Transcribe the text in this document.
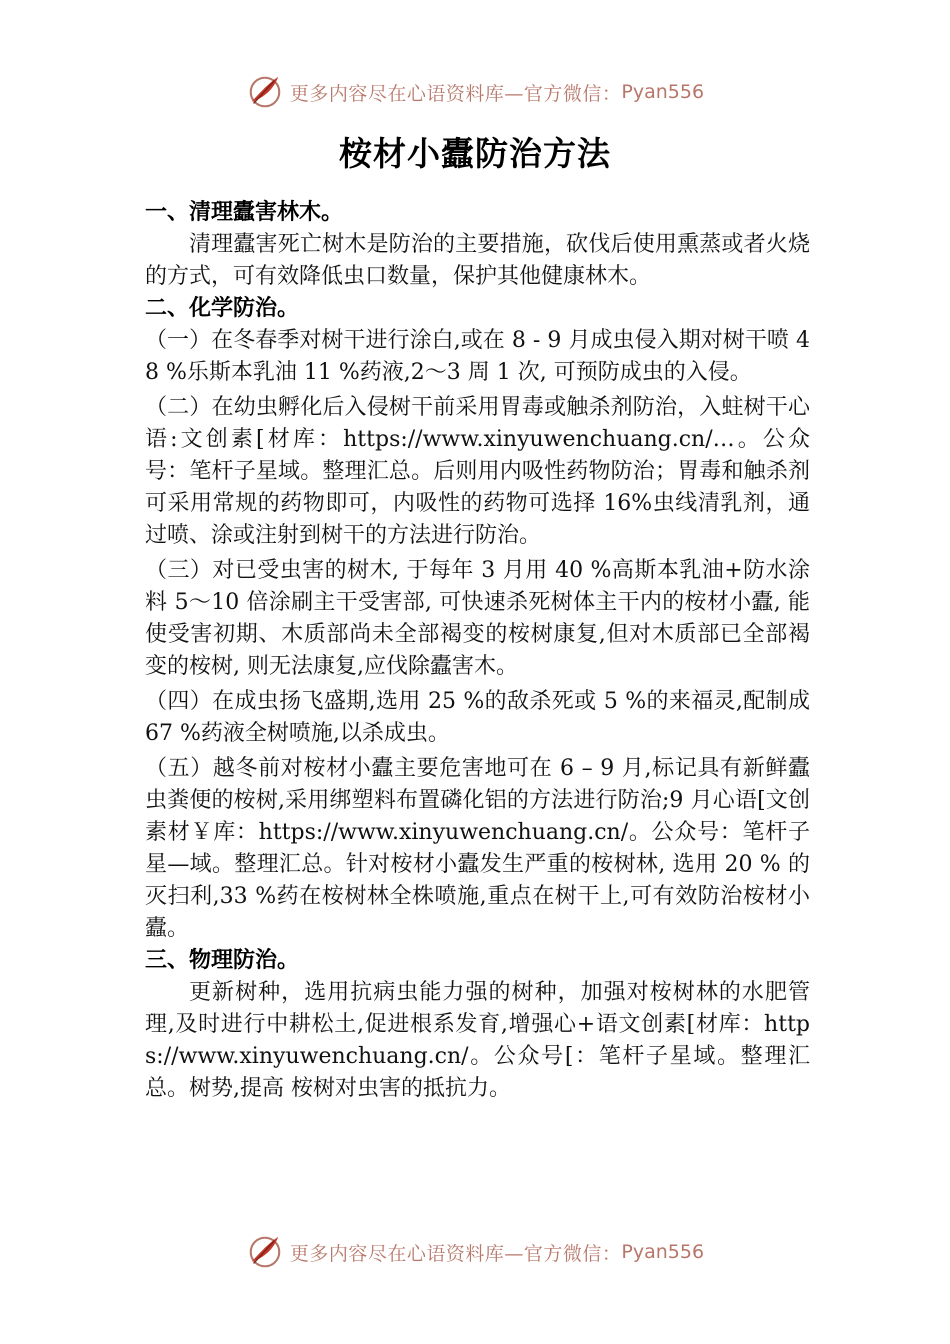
更多内容尽在心语资料库—官方微信： Pyan556
桉材小蠹防治方法
一、清理蠹害林木。
清理蠹害死亡树木是防治的主要措施，砍伐后使用熏蒸或者火烧的方式，可有效降低虫口数量，保护其他健康林木。
二、化学防治。
（一）在冬春季对树干进行涂白,或在 8 - 9 月成虫侵入期对树干喷 48 %乐斯本乳油 11 %药液,2～3 周 1 次, 可预防成虫的入侵。
（二）在幼虫孵化后入侵树干前采用胃毒或触杀剂防治，入蛀树干心语:文创素[材库：https://www.xinyuwenchuang.cn/…。公众号：笔杆子星域。整理汇总。后则用内吸性药物防治；胃毒和触杀剂可采用常规的药物即可，内吸性的药物可选择 16%虫线清乳剂，通过喷、涂或注射到树干的方法进行防治。
（三）对已受虫害的树木, 于每年 3 月用 40 %高斯本乳油+防水涂料 5～10 倍涂刷主干受害部, 可快速杀死树体主干内的桉材小蠹, 能使受害初期、木质部尚未全部褐变的桉树康复,但对木质部已全部褐变的桉树, 则无法康复,应伐除蠹害木。
（四）在成虫扬飞盛期,选用 25 %的敌杀死或 5 %的来福灵,配制成 67 %药液全树喷施,以杀成虫。
（五）越冬前对桉材小蠹主要危害地可在 6 – 9 月,标记具有新鲜蠹虫粪便的桉树,采用绑塑料布置磷化铝的方法进行防治;9 月心语[文创素材￥库：https://www.xinyuwenchuang.cn/。公众号：笔杆子星—域。整理汇总。针对桉材小蠹发生严重的桉树林, 选用 20 % 的灭扫利,33 %药在桉树林全株喷施,重点在树干上,可有效防治桉材小蠹。
三、物理防治。
更新树种，选用抗病虫能力强的树种，加强对桉树林的水肥管理,及时进行中耕松土,促进根系发育,增强心+语文创素[材库：https://www.xinyuwenchuang.cn/。公众号[：笔杆子星域。整理汇总。树势,提高 桉树对虫害的抵抗力。
更多内容尽在心语资料库—官方微信： Pyan556
